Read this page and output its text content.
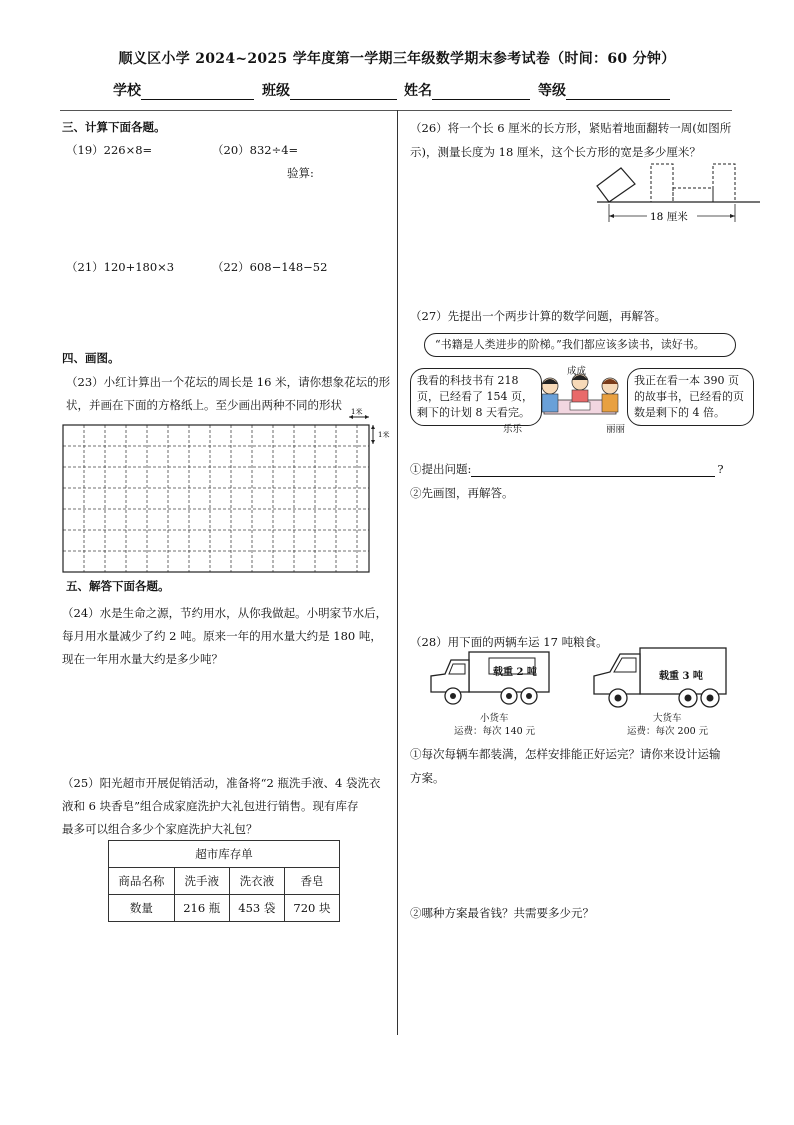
顺义区小学 2024~2025 学年度第一学期三年级数学期末参考试卷（时间：60 分钟）
学校	班级	姓名	等级
三、计算下面各题。
（19）226×8=	（20）832÷4=
验算:
（21）120+180×3	（22）608−148−52
四、画图。
（23）小红计算出一个花坛的周长是 16 米，请你想象花坛的形
状，并画在下面的方格纸上。至少画出两种不同的形状 1米
1米
五、解答下面各题。
（24）水是生命之源，节约用水，从你我做起。小明家节水后，
每月用水量减少了约 2 吨。原来一年的用水量大约是 180 吨，
现在一年用水量大约是多少吨？
（25）阳光超市开展促销活动，准备将“2 瓶洗手液、4 袋洗衣
液和 6 块香皂”组合成家庭洗护大礼包进行销售。现有库存
最多可以组合多少个家庭洗护大礼包？
超市库存单			
商品名称	洗手液	洗衣液	香皂
数量	216 瓶	453 袋	720 块
（26）将一个长 6 厘米的长方形，紧贴着地面翻转一周(如图所
示)，测量长度为 18 厘米，这个长方形的宽是多少厘米？
18 厘米
（27）先提出一个两步计算的数学问题，再解答。
“书籍是人类进步的阶梯。”我们都应该多读书，读好书。
我看的科技书有 218 页，已经看了 154 页，剩下的计划 8 天看完。
我正在看一本 390 页的故事书，已经看的页数是剩下的 4 倍。
成成
乐乐	丽丽
①提出问题:	?
②先画图，再解答。
（28）用下面的两辆车运 17 吨粮食。
载重 2 吨
小货车
运费：每次 140 元
载重 3 吨
大货车
运费：每次 200 元
①每次每辆车都装满，怎样安排能正好运完？请你来设计运输
方案。
②哪种方案最省钱？共需要多少元？
